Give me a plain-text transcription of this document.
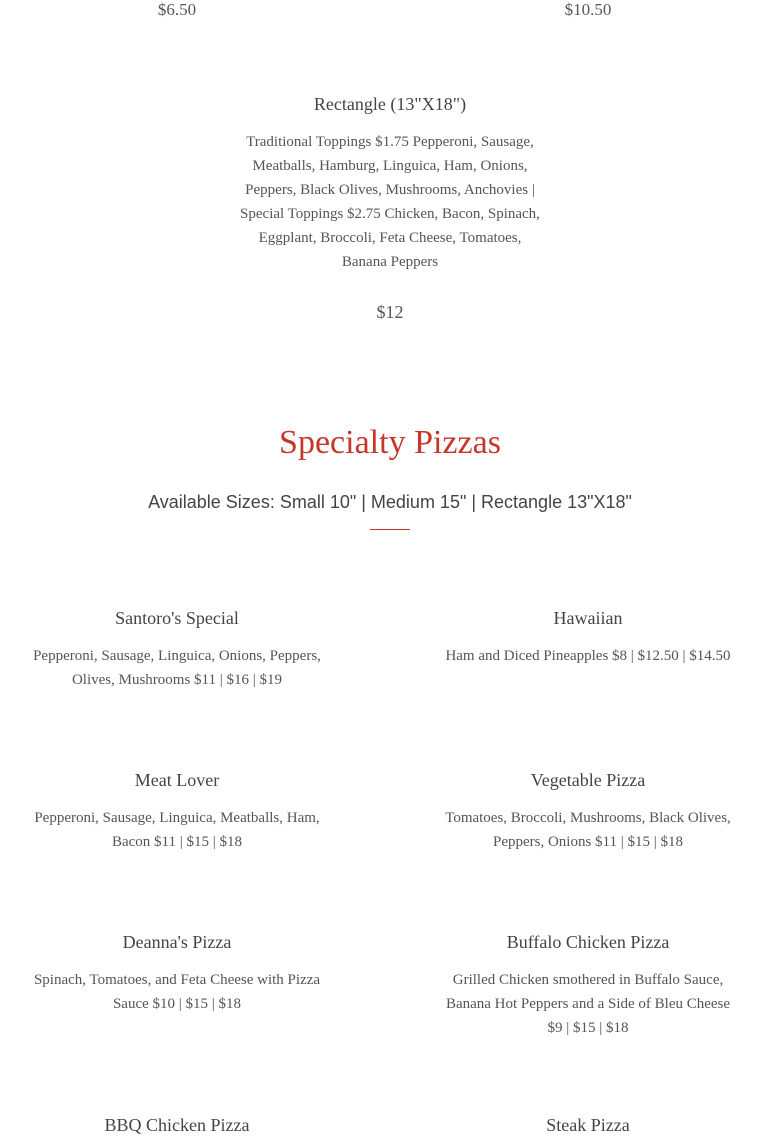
$6.50	$10.50
Rectangle (13"X18")
Traditional Toppings $1.75 Pepperoni, Sausage, Meatballs, Hamburg, Linguica, Ham, Onions, Peppers, Black Olives, Mushrooms, Anchovies | Special Toppings $2.75 Chicken, Bacon, Spinach, Eggplant, Broccoli, Feta Cheese, Tomatoes, Banana Peppers
$12
Specialty Pizzas
Available Sizes: Small 10" | Medium 15" | Rectangle 13"X18"
Santoro's Special
Pepperoni, Sausage, Linguica, Onions, Peppers, Olives, Mushrooms $11 | $16 | $19
Hawaiian
Ham and Diced Pineapples $8 | $12.50 | $14.50
Meat Lover
Pepperoni, Sausage, Linguica, Meatballs, Ham, Bacon $11 | $15 | $18
Vegetable Pizza
Tomatoes, Broccoli, Mushrooms, Black Olives, Peppers, Onions $11 | $15 | $18
Deanna's Pizza
Spinach, Tomatoes, and Feta Cheese with Pizza Sauce $10 | $15 | $18
Buffalo Chicken Pizza
Grilled Chicken smothered in Buffalo Sauce, Banana Hot Peppers and a Side of Bleu Cheese $9 | $15 | $18
BBQ Chicken Pizza	Steak Pizza
